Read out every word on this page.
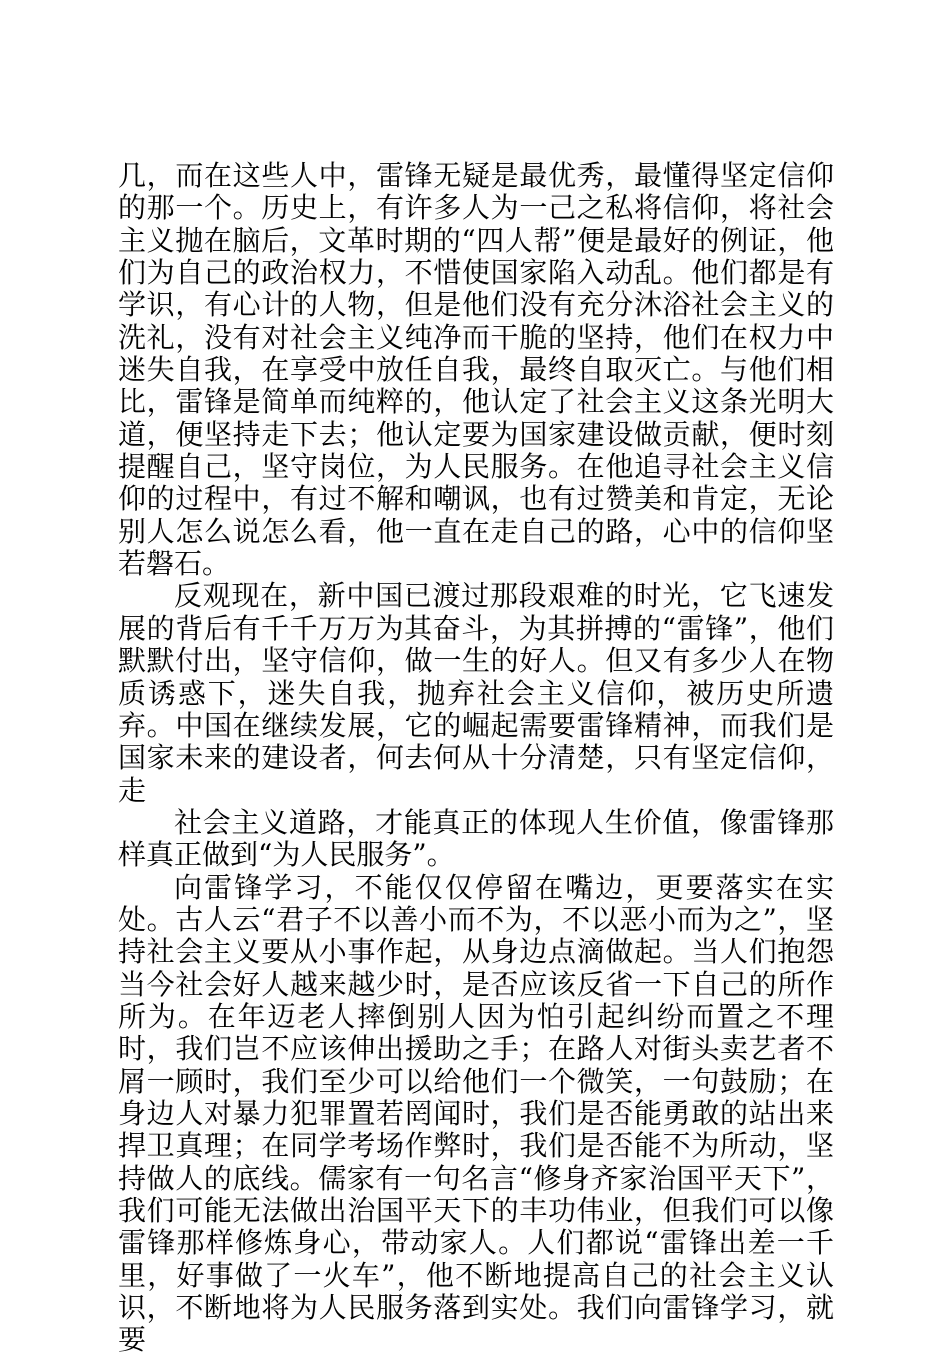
几，而在这些人中，雷锋无疑是最优秀，最懂得坚定信仰的那一个。历史上，有许多人为一己之私将信仰，将社会主义抛在脑后，文革时期的“四人帮”便是最好的例证，他们为自己的政治权力，不惜使国家陷入动乱。他们都是有学识，有心计的人物，但是他们没有充分沐浴社会主义的洗礼，没有对社会主义纯净而干脆的坚持，他们在权力中迷失自我，在享受中放任自我，最终自取灭亡。与他们相比，雷锋是简单而纯粹的，他认定了社会主义这条光明大道，便坚持走下去；他认定要为国家建设做贡献，便时刻提醒自己，坚守岗位，为人民服务。在他追寻社会主义信仰的过程中，有过不解和嘲讽，也有过赞美和肯定，无论别人怎么说怎么看，他一直在走自己的路，心中的信仰坚若磐石。

反观现在，新中国已渡过那段艰难的时光，它飞速发展的背后有千千万万为其奋斗，为其拼搏的“雷锋”，他们默默付出，坚守信仰，做一生的好人。但又有多少人在物质诱惑下，迷失自我，抛弃社会主义信仰，被历史所遗弃。中国在继续发展，它的崛起需要雷锋精神，而我们是国家未来的建设者，何去何从十分清楚，只有坚定信仰，走

社会主义道路，才能真正的体现人生价值，像雷锋那样真正做到“为人民服务”。

向雷锋学习，不能仅仅停留在嘴边，更要落实在实处。古人云“君子不以善小而不为，不以恶小而为之”，坚持社会主义要从小事作起，从身边点滴做起。当人们抱怨当今社会好人越来越少时，是否应该反省一下自己的所作所为。在年迈老人摔倒别人因为怕引起纠纷而置之不理时，我们岂不应该伸出援助之手；在路人对街头卖艺者不屑一顾时，我们至少可以给他们一个微笑，一句鼓励；在身边人对暴力犯罪置若罔闻时，我们是否能勇敢的站出来捍卫真理；在同学考场作弊时，我们是否能不为所动，坚持做人的底线。儒家有一句名言“修身齐家治国平天下”，我们可能无法做出治国平天下的丰功伟业，但我们可以像雷锋那样修炼身心，带动家人。人们都说“雷锋出差一千里，好事做了一火车”，他不断地提高自己的社会主义认识，不断地将为人民服务落到实处。我们向雷锋学习，就要
